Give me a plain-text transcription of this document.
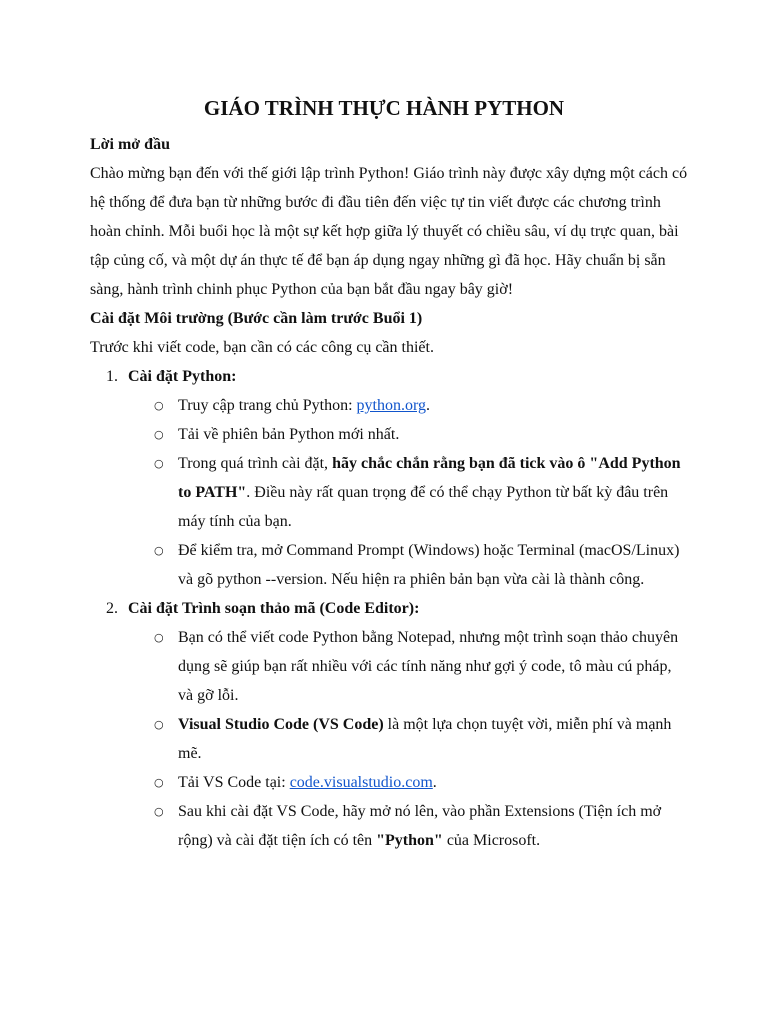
GIÁO TRÌNH THỰC HÀNH PYTHON

Lời mở đầu

Chào mừng bạn đến với thế giới lập trình Python! Giáo trình này được xây dựng một cách có hệ thống để đưa bạn từ những bước đi đầu tiên đến việc tự tin viết được các chương trình hoàn chỉnh. Mỗi buổi học là một sự kết hợp giữa lý thuyết có chiều sâu, ví dụ trực quan, bài tập củng cố, và một dự án thực tế để bạn áp dụng ngay những gì đã học. Hãy chuẩn bị sẵn sàng, hành trình chinh phục Python của bạn bắt đầu ngay bây giờ!

Cài đặt Môi trường (Bước cần làm trước Buổi 1)

Trước khi viết code, bạn cần có các công cụ cần thiết.

1. Cài đặt Python:
○ Truy cập trang chủ Python: python.org.
○ Tải về phiên bản Python mới nhất.
○ Trong quá trình cài đặt, hãy chắc chắn rằng bạn đã tick vào ô "Add Python to PATH". Điều này rất quan trọng để có thể chạy Python từ bất kỳ đâu trên máy tính của bạn.
○ Để kiểm tra, mở Command Prompt (Windows) hoặc Terminal (macOS/Linux) và gõ python --version. Nếu hiện ra phiên bản bạn vừa cài là thành công.
2. Cài đặt Trình soạn thảo mã (Code Editor):
○ Bạn có thể viết code Python bằng Notepad, nhưng một trình soạn thảo chuyên dụng sẽ giúp bạn rất nhiều với các tính năng như gợi ý code, tô màu cú pháp, và gỡ lỗi.
○ Visual Studio Code (VS Code) là một lựa chọn tuyệt vời, miễn phí và mạnh mẽ.
○ Tải VS Code tại: code.visualstudio.com.
○ Sau khi cài đặt VS Code, hãy mở nó lên, vào phần Extensions (Tiện ích mở rộng) và cài đặt tiện ích có tên "Python" của Microsoft.
